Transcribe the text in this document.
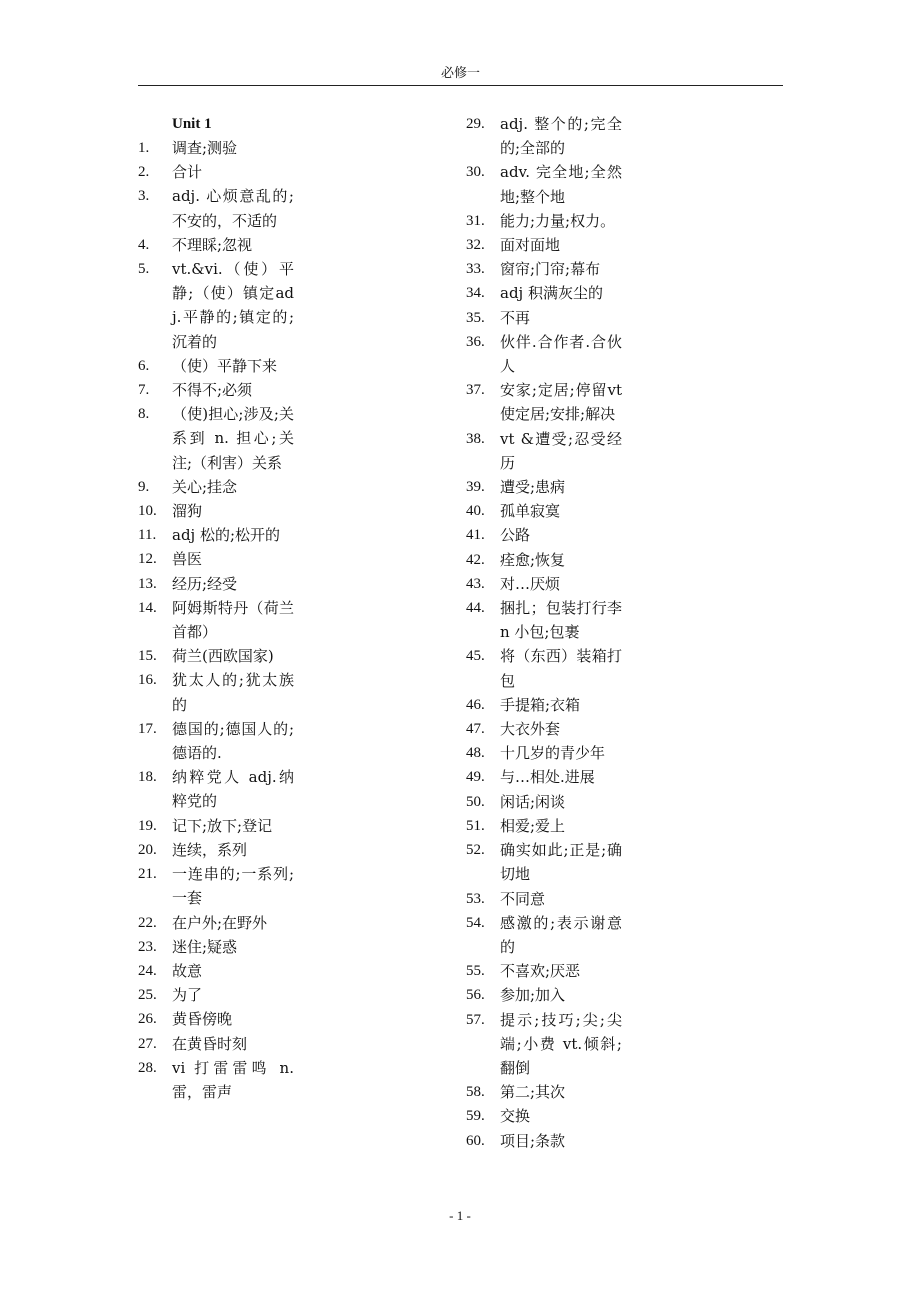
必修一
Unit 1
1.	调查;测验
2.	合计
3.	adj. 心烦意乱的;不安的，不适的
4.	不理睬;忽视
5.	vt.&vi.（使）平静;（使）镇定adj.平静的;镇定的;沉着的
6.	（使）平静下来
7.	不得不;必须
8.	（使)担心;涉及;关系到 n. 担心;关注;（利害）关系
9.	关心;挂念
10.	溜狗
11.	adj 松的;松开的
12.	兽医
13.	经历;经受
14.	阿姆斯特丹（荷兰首都）
15.	荷兰(西欧国家)
16.	犹太人的;犹太族的
17.	德国的;德国人的;德语的.
18.	纳粹党人 adj.纳粹党的
19.	记下;放下;登记
20.	连续，系列
21.	一连串的;一系列;一套
22.	在户外;在野外
23.	迷住;疑惑
24.	故意
25.	为了
26.	黄昏傍晚
27.	在黄昏时刻
28.	vi 打雷雷鸣 n.雷，雷声
29.	adj. 整个的;完全的;全部的
30.	adv. 完全地;全然地;整个地
31.	能力;力量;权力。
32.	面对面地
33.	窗帘;门帘;幕布
34.	adj 积满灰尘的
35.	不再
36.	伙伴.合作者.合伙人
37.	安家;定居;停留vt 使定居;安排;解决
38.	vt &遭受;忍受经历
39.	遭受;患病
40.	孤单寂寞
41.	公路
42.	痊愈;恢复
43.	对…厌烦
44.	捆扎；包装打行李 n 小包;包裹
45.	将（东西）装箱打包
46.	手提箱;衣箱
47.	大衣外套
48.	十几岁的青少年
49.	与…相处.进展
50.	闲话;闲谈
51.	相爱;爱上
52.	确实如此;正是;确切地
53.	不同意
54.	感激的;表示谢意的
55.	不喜欢;厌恶
56.	参加;加入
57.	提示;技巧;尖;尖端;小费 vt.倾斜;翻倒
58.	第二;其次
59.	交换
60.	项目;条款
- 1 -
